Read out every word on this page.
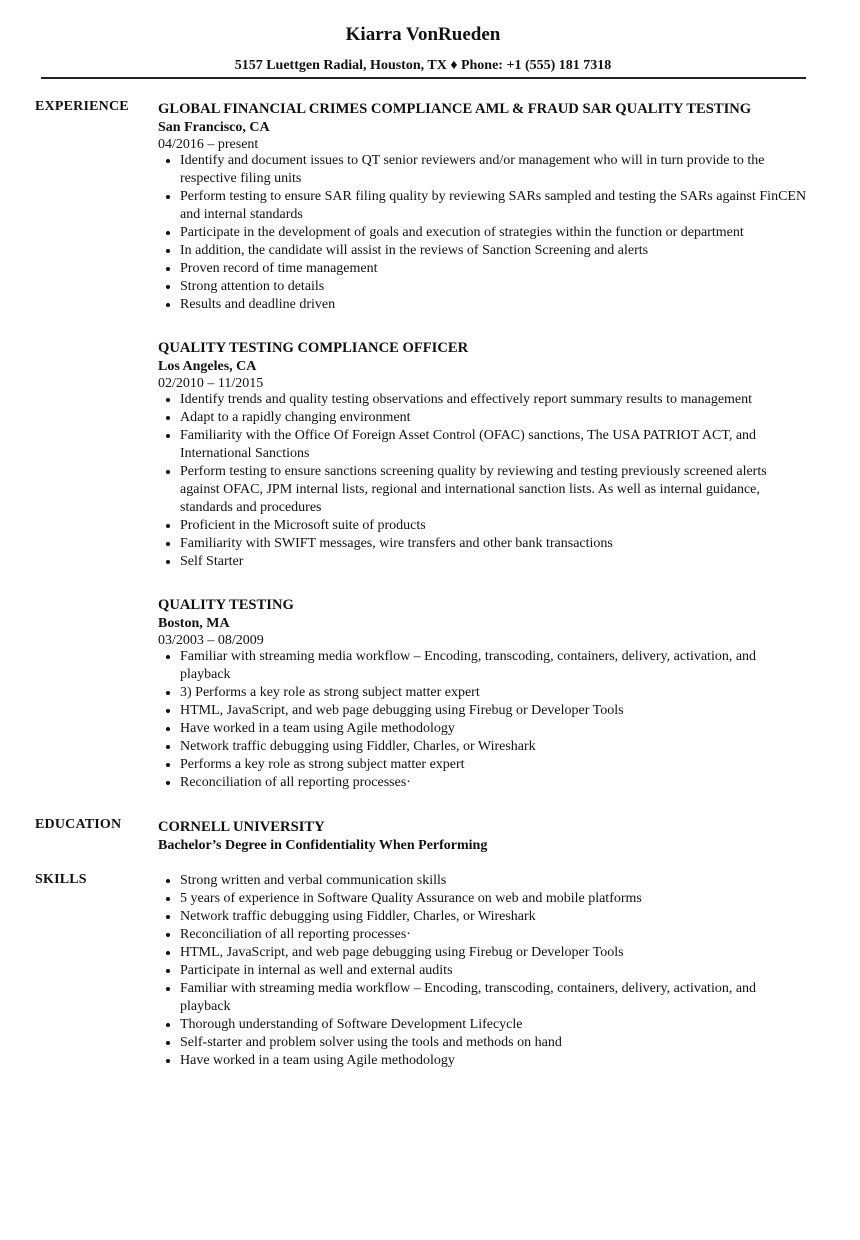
Kiarra VonRueden
5157 Luettgen Radial, Houston, TX ♦ Phone: +1 (555) 181 7318
EXPERIENCE GLOBAL FINANCIAL CRIMES COMPLIANCE AML & FRAUD SAR QUALITY TESTING
San Francisco, CA
04/2016 – present
• Identify and document issues to QT senior reviewers and/or management who will in turn provide to the respective filing units
• Perform testing to ensure SAR filing quality by reviewing SARs sampled and testing the SARs against FinCEN and internal standards
• Participate in the development of goals and execution of strategies within the function or department
• In addition, the candidate will assist in the reviews of Sanction Screening and alerts
• Proven record of time management
• Strong attention to details
• Results and deadline driven
QUALITY TESTING COMPLIANCE OFFICER
Los Angeles, CA
02/2010 – 11/2015
• Identify trends and quality testing observations and effectively report summary results to management
• Adapt to a rapidly changing environment
• Familiarity with the Office Of Foreign Asset Control (OFAC) sanctions, The USA PATRIOT ACT, and International Sanctions
• Perform testing to ensure sanctions screening quality by reviewing and testing previously screened alerts against OFAC, JPM internal lists, regional and international sanction lists. As well as internal guidance, standards and procedures
• Proficient in the Microsoft suite of products
• Familiarity with SWIFT messages, wire transfers and other bank transactions
• Self Starter
QUALITY TESTING
Boston, MA
03/2003 – 08/2009
• Familiar with streaming media workflow – Encoding, transcoding, containers, delivery, activation, and playback
• 3) Performs a key role as strong subject matter expert
• HTML, JavaScript, and web page debugging using Firebug or Developer Tools
• Have worked in a team using Agile methodology
• Network traffic debugging using Fiddler, Charles, or Wireshark
• Performs a key role as strong subject matter expert
• Reconciliation of all reporting processes·
EDUCATION	CORNELL UNIVERSITY
Bachelor’s Degree in Confidentiality When Performing
SKILLS
•	Strong written and verbal communication skills
• 5 years of experience in Software Quality Assurance on web and mobile platforms
• Network traffic debugging using Fiddler, Charles, or Wireshark
• Reconciliation of all reporting processes·
• HTML, JavaScript, and web page debugging using Firebug or Developer Tools
• Participate in internal as well and external audits
• Familiar with streaming media workflow – Encoding, transcoding, containers, delivery, activation, and playback
• Thorough understanding of Software Development Lifecycle
• Self-starter and problem solver using the tools and methods on hand
• Have worked in a team using Agile methodology
